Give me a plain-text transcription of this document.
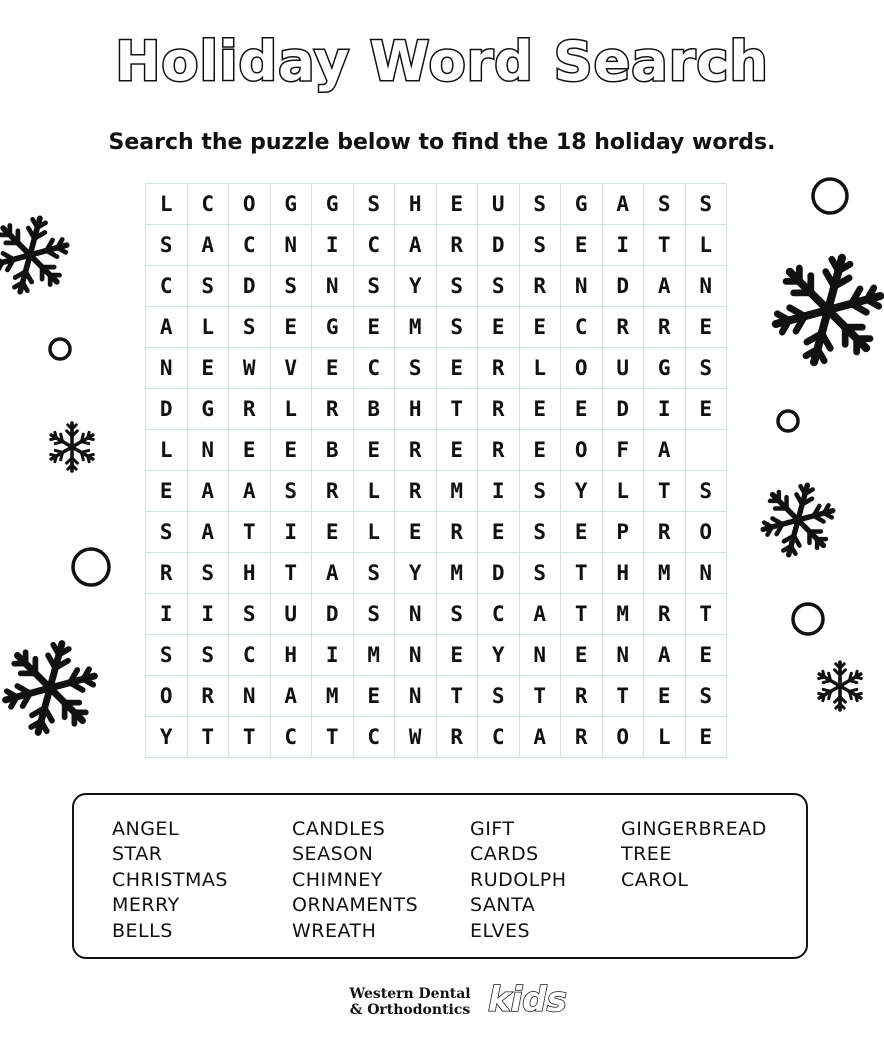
Holiday Word Search
Search the puzzle below to find the 18 holiday words.
L	C	O	G	G	S	H	E	U	S	G	A	S	S
S	A	C	N	I	C	A	R	D	S	E	I	T	L
C	S	D	S	N	S	Y	S	S	R	N	D	A	N
A	L	S	E	G	E	M	S	E	E	C	R	R	E
N	E	W	V	E	C	S	E	R	L	O	U	G	S
D	G	R	L	R	B	H	T	R	E	E	D	I	E
L	N	E	E	B	E	R	E	R	E	O	F	A
E	A	A	S	R	L	R	M	I	S	Y	L	T	S
S	A	T	I	E	L	E	R	E	S	E	P	R	O
R	S	H	T	A	S	Y	M	D	S	T	H	M	N
I	I	S	U	D	S	N	S	C	A	T	M	R	T
S	S	C	H	I	M	N	E	Y	N	E	N	A	E
O	R	N	A	M	E	N	T	S	T	R	T	E	S
Y	T	T	C	T	C	W	R	C	A	R	O	L	E
ANGEL
STAR
CHRISTMAS
MERRY
BELLS
CANDLES
SEASON
CHIMNEY
ORNAMENTS
WREATH
GIFT
CARDS
RUDOLPH
SANTA
ELVES
GINGERBREAD
TREE
CAROL
Western Dental
& Orthodontics kids
